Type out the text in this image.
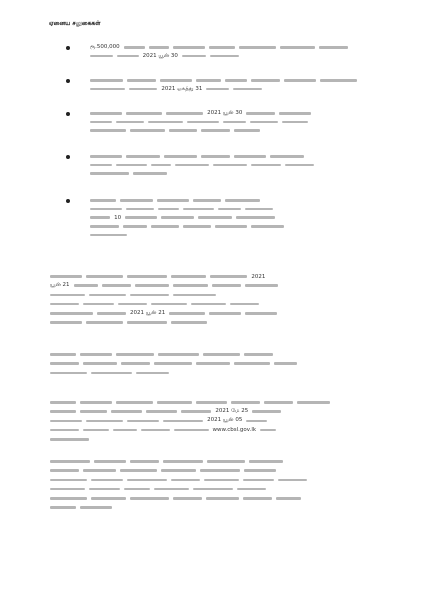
ஏனைய சலுகைகள்
ரூ.500,000
2021 யூன் 30
2021 ஒகத்து 31
2021 யூன் 30
10
2021
யூன் 21
2021 யூன் 21
2021 மே 25
2021 யூன் 05
www.cbsl.gov.lk
